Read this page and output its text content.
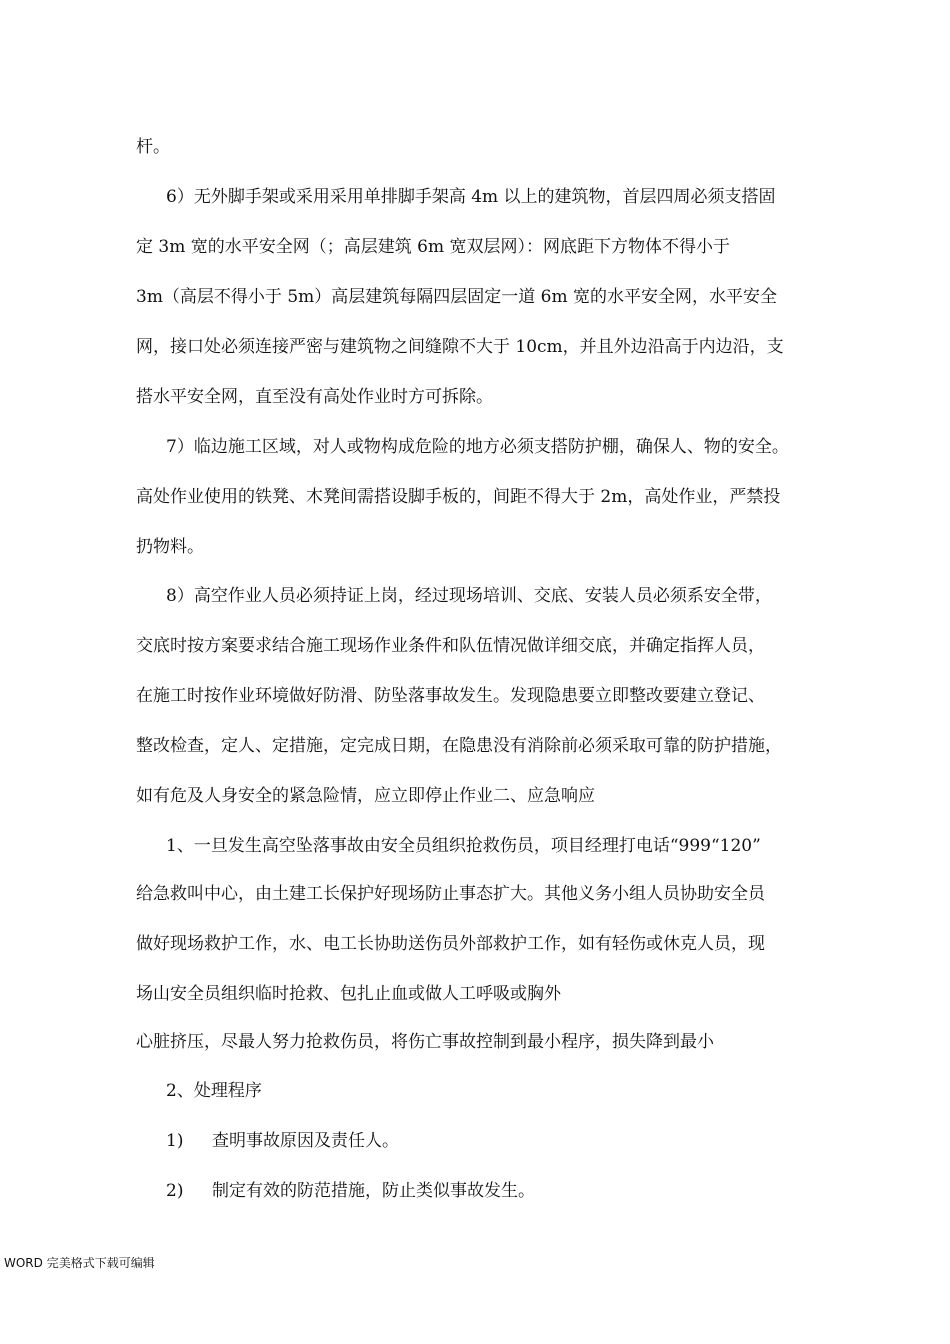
杆。
6）无外脚手架或采用采用单排脚手架高 4m 以上的建筑物，首层四周必须支搭固
定 3m 宽的水平安全网（；高层建筑 6m 宽双层网）：网底距下方物体不得小于
3m（高层不得小于 5m）高层建筑每隔四层固定一道 6m 宽的水平安全网，水平安全
网，接口处必须连接严密与建筑物之间缝隙不大于 10cm，并且外边沿高于内边沿，支
搭水平安全网，直至没有高处作业时方可拆除。
7）临边施工区域，对人或物构成危险的地方必须支搭防护棚，确保人、物的安全。
高处作业使用的铁凳、木凳间需搭设脚手板的，间距不得大于 2m，高处作业，严禁投
扔物料。
8）高空作业人员必须持证上岗，经过现场培训、交底、安装人员必须系安全带，
交底时按方案要求结合施工现场作业条件和队伍情况做详细交底，并确定指挥人员，
在施工时按作业环境做好防滑、防坠落事故发生。发现隐患要立即整改要建立登记、
整改检查，定人、定措施，定完成日期，在隐患没有消除前必须采取可靠的防护措施，
如有危及人身安全的紧急险情，应立即停止作业二、应急响应
1、一旦发生高空坠落事故由安全员组织抢救伤员，项目经理打电话“999“120”
给急救叫中心，由土建工长保护好现场防止事态扩大。其他义务小组人员协助安全员
做好现场救护工作，水、电工长协助送伤员外部救护工作，如有轻伤或休克人员，现
场山安全员组织临时抢救、包扎止血或做人工呼吸或胸外
心脏挤压，尽最人努力抢救伤员，将伤亡事故控制到最小程序，损失降到最小
2、处理程序
1) 查明事故原因及责任人。
2) 制定有效的防范措施，防止类似事故发生。
WORD 完美格式下载可编辑
